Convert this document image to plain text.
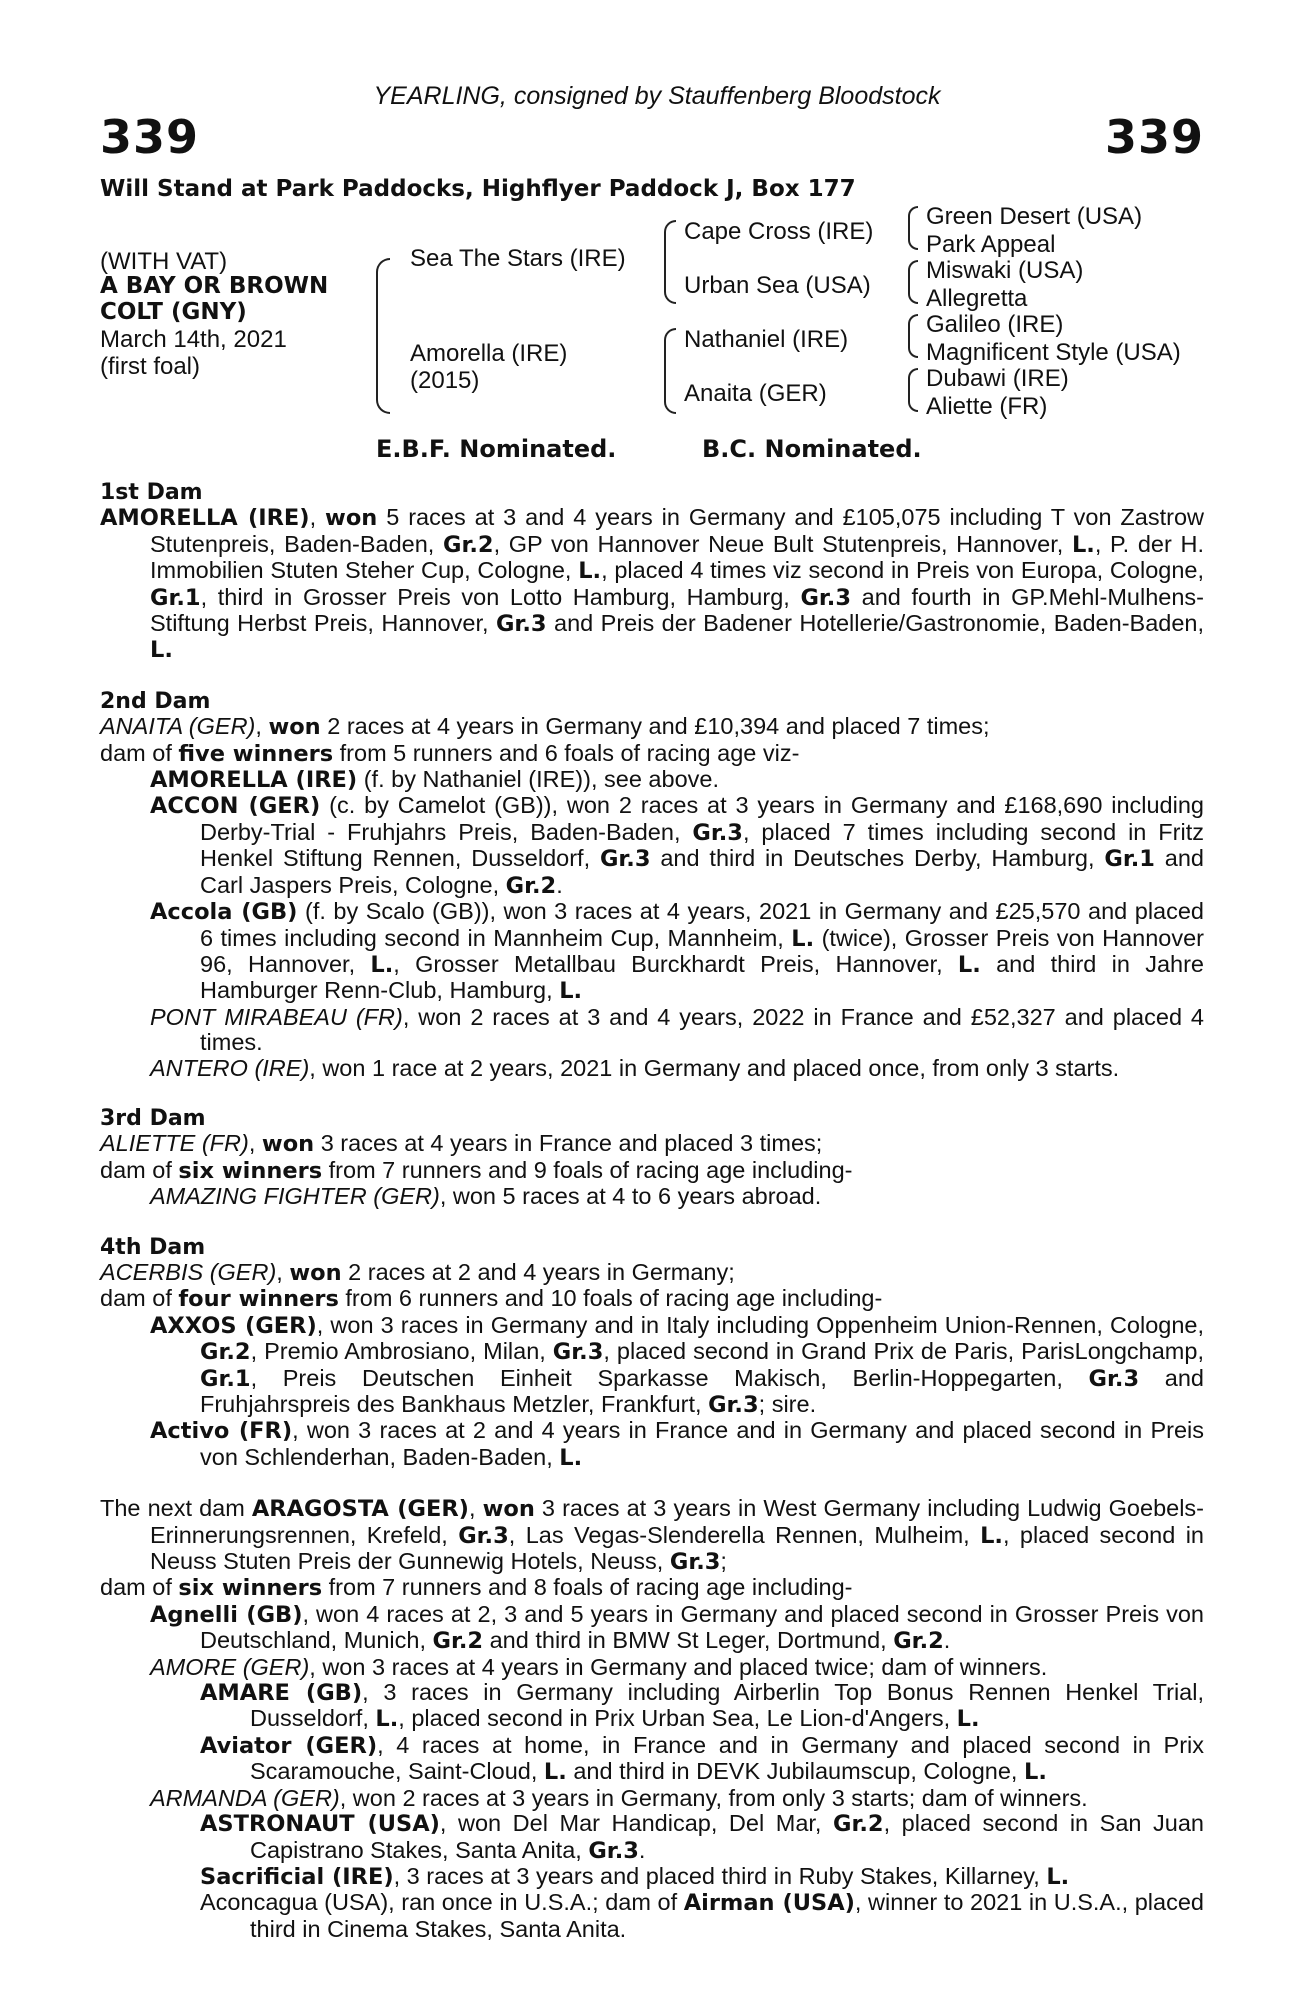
YEARLING, consigned by Stauffenberg Bloodstock
339	339
Will Stand at Park Paddocks, Highflyer Paddock J, Box 177
(WITH VAT)
A BAY OR BROWN
COLT (GNY)
March 14th, 2021
(first foal)
Sea The Stars (IRE)
Amorella (IRE)
(2015)
Cape Cross (IRE)
Urban Sea (USA)
Nathaniel (IRE)
Anaita (GER)
Green Desert (USA)
Park Appeal
Miswaki (USA)
Allegretta
Galileo (IRE)
Magnificent Style (USA)
Dubawi (IRE)
Aliette (FR)
E.B.F. Nominated.	B.C. Nominated.
1st Dam
AMORELLA (IRE), won 5 races at 3 and 4 years in Germany and £105,075 including T von Zastrow Stutenpreis, Baden-Baden, Gr.2, GP von Hannover Neue Bult Stutenpreis, Hannover, L., P. der H. Immobilien Stuten Steher Cup, Cologne, L., placed 4 times viz second in Preis von Europa, Cologne, Gr.1, third in Grosser Preis von Lotto Hamburg, Hamburg, Gr.3 and fourth in GP.Mehl-Mulhens-Stiftung Herbst Preis, Hannover, Gr.3 and Preis der Badener Hotellerie/Gastronomie, Baden-Baden, L.
2nd Dam
ANAITA (GER), won 2 races at 4 years in Germany and £10,394 and placed 7 times;
dam of five winners from 5 runners and 6 foals of racing age viz-
AMORELLA (IRE) (f. by Nathaniel (IRE)), see above.
ACCON (GER) (c. by Camelot (GB)), won 2 races at 3 years in Germany and £168,690 including Derby-Trial - Fruhjahrs Preis, Baden-Baden, Gr.3, placed 7 times including second in Fritz Henkel Stiftung Rennen, Dusseldorf, Gr.3 and third in Deutsches Derby, Hamburg, Gr.1 and Carl Jaspers Preis, Cologne, Gr.2.
Accola (GB) (f. by Scalo (GB)), won 3 races at 4 years, 2021 in Germany and £25,570 and placed 6 times including second in Mannheim Cup, Mannheim, L. (twice), Grosser Preis von Hannover 96, Hannover, L., Grosser Metallbau Burckhardt Preis, Hannover, L. and third in Jahre Hamburger Renn-Club, Hamburg, L.
PONT MIRABEAU (FR), won 2 races at 3 and 4 years, 2022 in France and £52,327 and placed 4 times.
ANTERO (IRE), won 1 race at 2 years, 2021 in Germany and placed once, from only 3 starts.
3rd Dam
ALIETTE (FR), won 3 races at 4 years in France and placed 3 times;
dam of six winners from 7 runners and 9 foals of racing age including-
AMAZING FIGHTER (GER), won 5 races at 4 to 6 years abroad.
4th Dam
ACERBIS (GER), won 2 races at 2 and 4 years in Germany;
dam of four winners from 6 runners and 10 foals of racing age including-
AXXOS (GER), won 3 races in Germany and in Italy including Oppenheim Union-Rennen, Cologne, Gr.2, Premio Ambrosiano, Milan, Gr.3, placed second in Grand Prix de Paris, ParisLongchamp, Gr.1, Preis Deutschen Einheit Sparkasse Makisch, Berlin-Hoppegarten, Gr.3 and Fruhjahrspreis des Bankhaus Metzler, Frankfurt, Gr.3; sire.
Activo (FR), won 3 races at 2 and 4 years in France and in Germany and placed second in Preis von Schlenderhan, Baden-Baden, L.
The next dam ARAGOSTA (GER), won 3 races at 3 years in West Germany including Ludwig Goebels-Erinnerungsrennen, Krefeld, Gr.3, Las Vegas-Slenderella Rennen, Mulheim, L., placed second in Neuss Stuten Preis der Gunnewig Hotels, Neuss, Gr.3;
dam of six winners from 7 runners and 8 foals of racing age including-
Agnelli (GB), won 4 races at 2, 3 and 5 years in Germany and placed second in Grosser Preis von Deutschland, Munich, Gr.2 and third in BMW St Leger, Dortmund, Gr.2.
AMORE (GER), won 3 races at 4 years in Germany and placed twice; dam of winners.
AMARE (GB), 3 races in Germany including Airberlin Top Bonus Rennen Henkel Trial, Dusseldorf, L., placed second in Prix Urban Sea, Le Lion-d'Angers, L.
Aviator (GER), 4 races at home, in France and in Germany and placed second in Prix Scaramouche, Saint-Cloud, L. and third in DEVK Jubilaumscup, Cologne, L.
ARMANDA (GER), won 2 races at 3 years in Germany, from only 3 starts; dam of winners.
ASTRONAUT (USA), won Del Mar Handicap, Del Mar, Gr.2, placed second in San Juan Capistrano Stakes, Santa Anita, Gr.3.
Sacrificial (IRE), 3 races at 3 years and placed third in Ruby Stakes, Killarney, L.
Aconcagua (USA), ran once in U.S.A.; dam of Airman (USA), winner to 2021 in U.S.A., placed third in Cinema Stakes, Santa Anita.
